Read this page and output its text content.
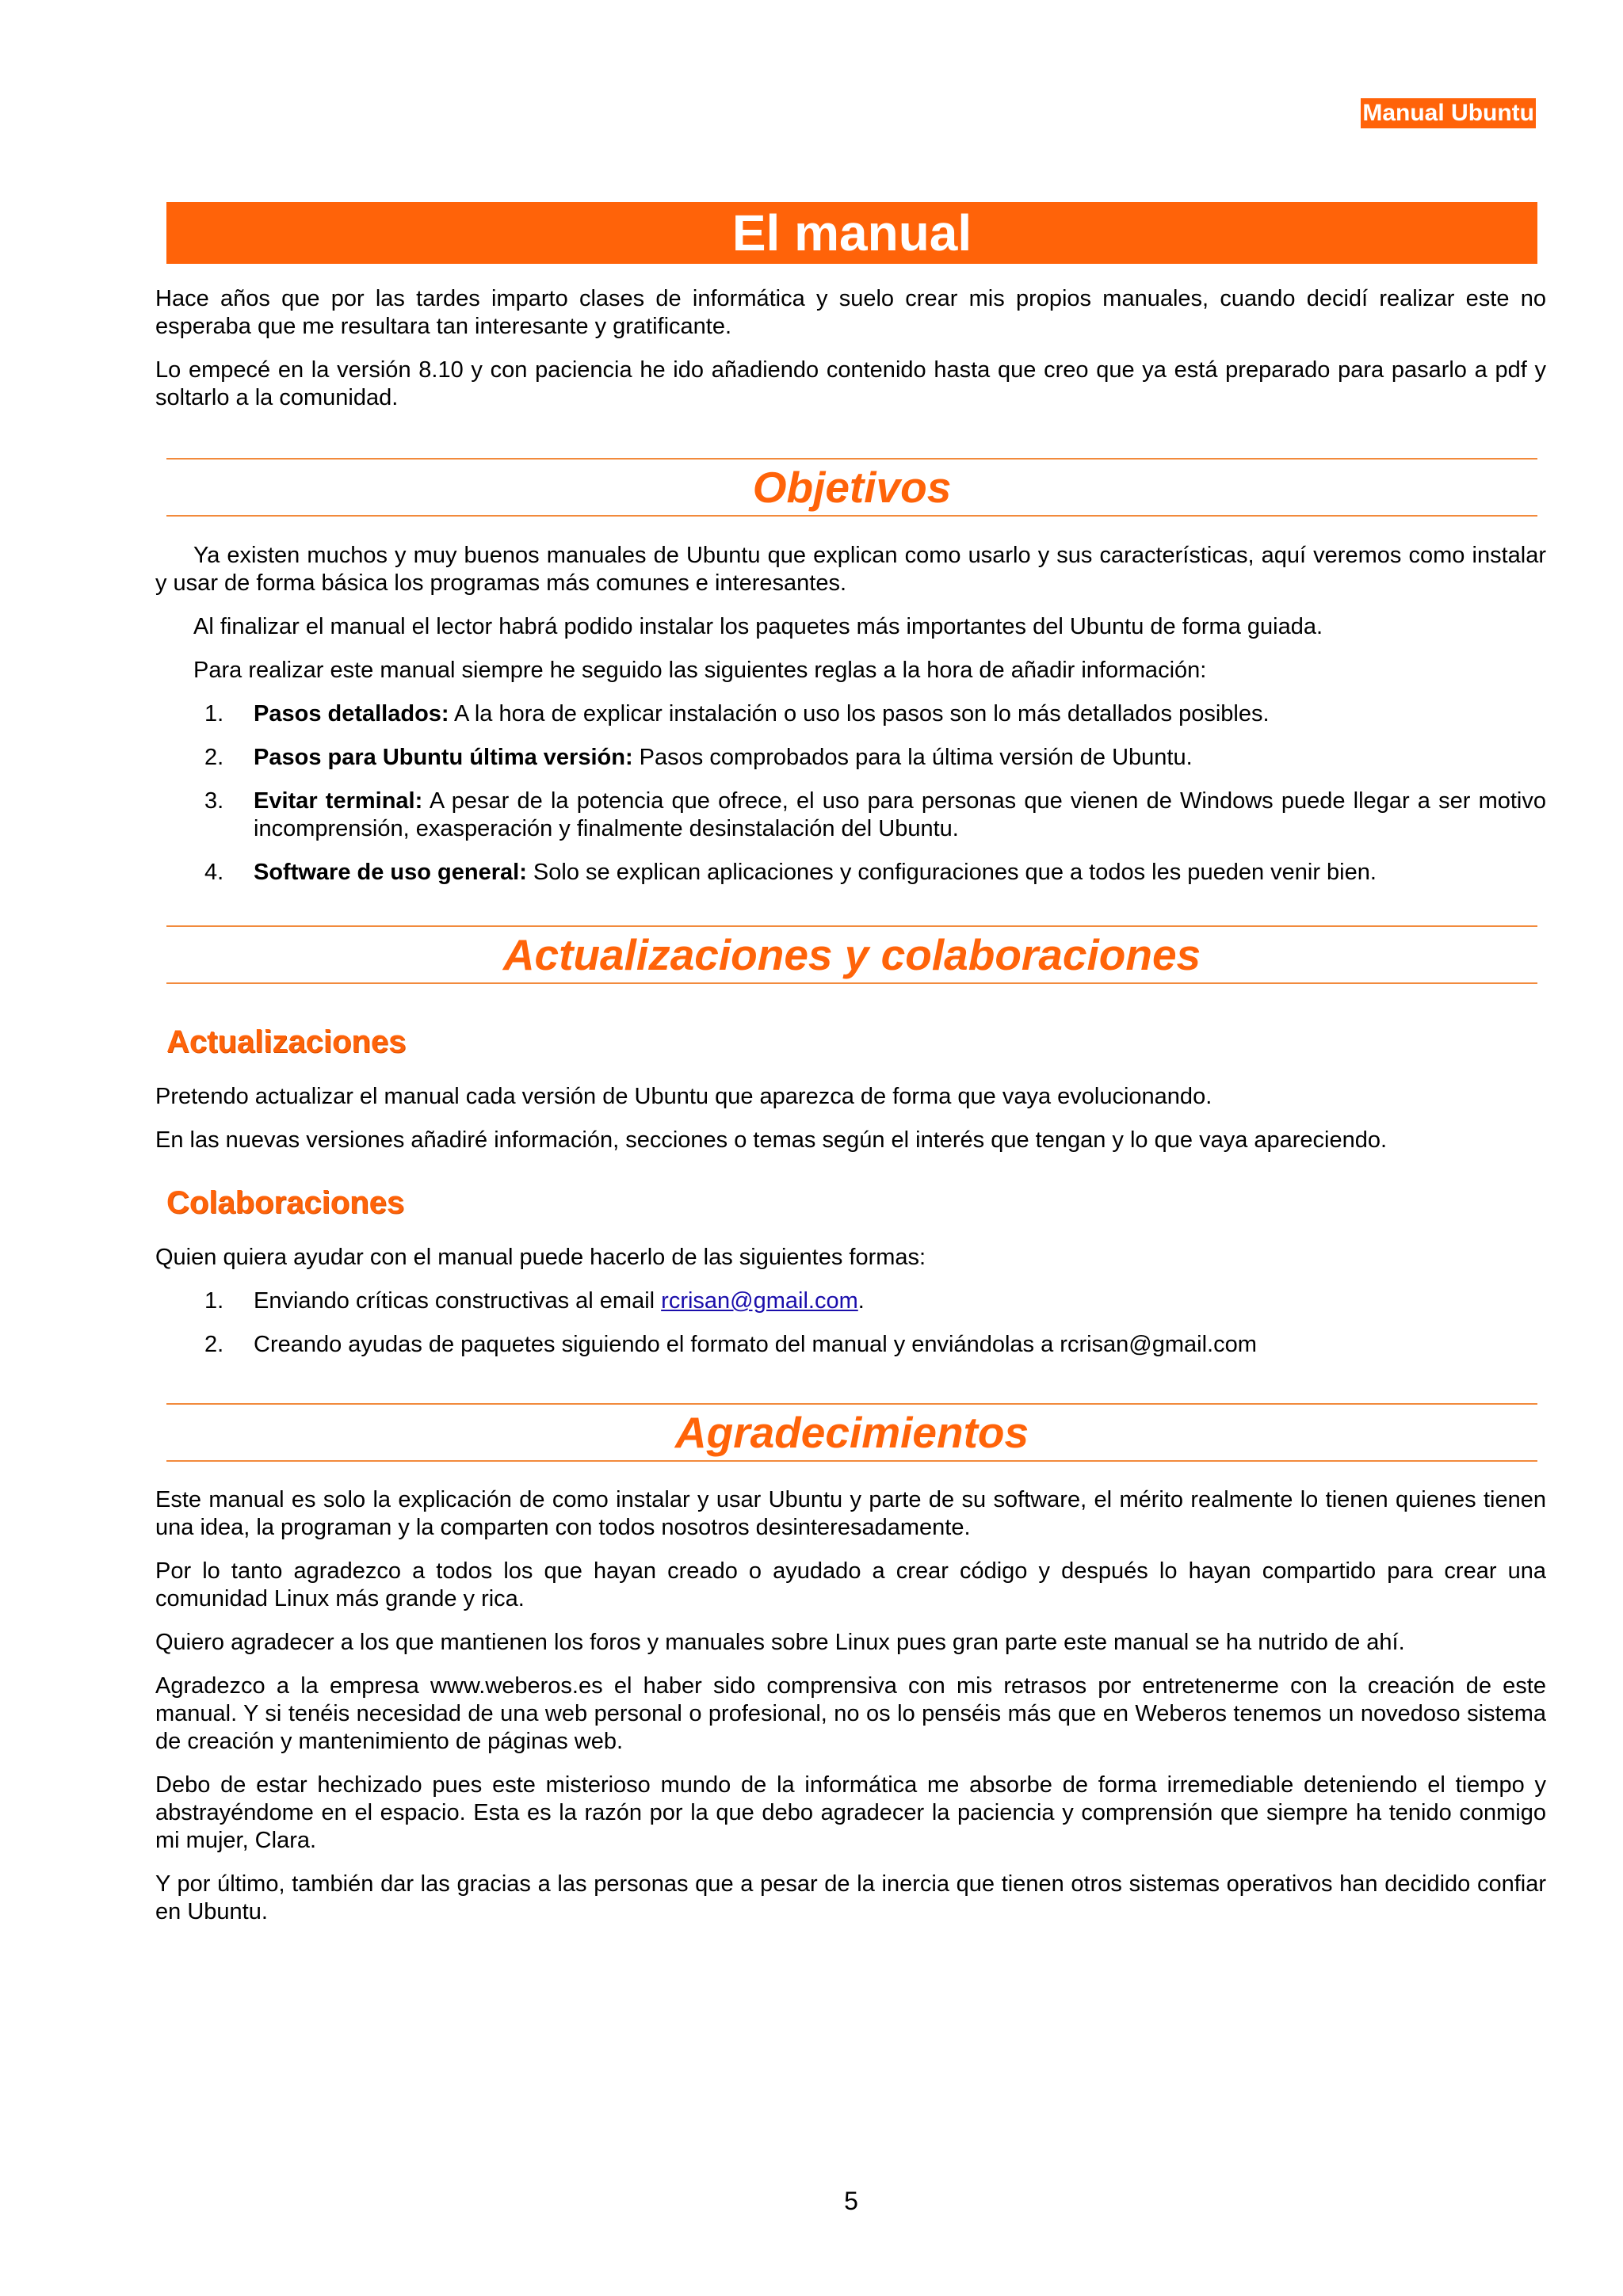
Manual Ubuntu
El manual

Hace años que por las tardes imparto clases de informática y suelo crear mis propios manuales, cuando decidí realizar este no esperaba que me resultara tan interesante y gratificante.

Lo empecé en la versión 8.10 y con paciencia he ido añadiendo contenido hasta que creo que ya está preparado para pasarlo a pdf y soltarlo a la comunidad.

Objetivos

Ya existen muchos y muy buenos manuales de Ubuntu que explican como usarlo y sus características, aquí veremos como instalar y usar de forma básica los programas más comunes e interesantes.

Al finalizar el manual el lector habrá podido instalar los paquetes más importantes del Ubuntu de forma guiada.

Para realizar este manual siempre he seguido las siguientes reglas a la hora de añadir información:

1. Pasos detallados: A la hora de explicar instalación o uso los pasos son lo más detallados posibles.
2. Pasos para Ubuntu última versión: Pasos comprobados para la última versión de Ubuntu.
3. Evitar terminal: A pesar de la potencia que ofrece, el uso para personas que vienen de Windows puede llegar a ser motivo incomprensión, exasperación y finalmente desinstalación del Ubuntu.
4. Software de uso general: Solo se explican aplicaciones y configuraciones que a todos les pueden venir bien.
Actualizaciones y colaboraciones
Actualizaciones

Pretendo actualizar el manual cada versión de Ubuntu que aparezca de forma que vaya evolucionando.

En las nuevas versiones añadiré información, secciones o temas según el interés que tengan y lo que vaya apareciendo.

Colaboraciones

Quien quiera ayudar con el manual puede hacerlo de las siguientes formas:

1. Enviando críticas constructivas al email rcrisan@gmail.com.
2. Creando ayudas de paquetes siguiendo el formato del manual y enviándolas a rcrisan@gmail.com
Agradecimientos

Este manual es solo la explicación de como instalar y usar Ubuntu y parte de su software, el mérito realmente lo tienen quienes tienen una idea, la programan y la comparten con todos nosotros desinteresadamente.

Por lo tanto agradezco a todos los que hayan creado o ayudado a crear código y después lo hayan compartido para crear una comunidad Linux más grande y rica.

Quiero agradecer a los que mantienen los foros y manuales sobre Linux pues gran parte este manual se ha nutrido de ahí.

Agradezco a la empresa www.weberos.es el haber sido comprensiva con mis retrasos por entretenerme con la creación de este manual. Y si tenéis necesidad de una web personal o profesional, no os lo penséis más que en Weberos tenemos un novedoso sistema de creación y mantenimiento de páginas web.

Debo de estar hechizado pues este misterioso mundo de la informática me absorbe de forma irremediable deteniendo el tiempo y abstrayéndome en el espacio. Esta es la razón por la que debo agradecer la paciencia y comprensión que siempre ha tenido conmigo mi mujer, Clara.

Y por último, también dar las gracias a las personas que a pesar de la inercia que tienen otros sistemas operativos han decidido confiar en Ubuntu.

5
